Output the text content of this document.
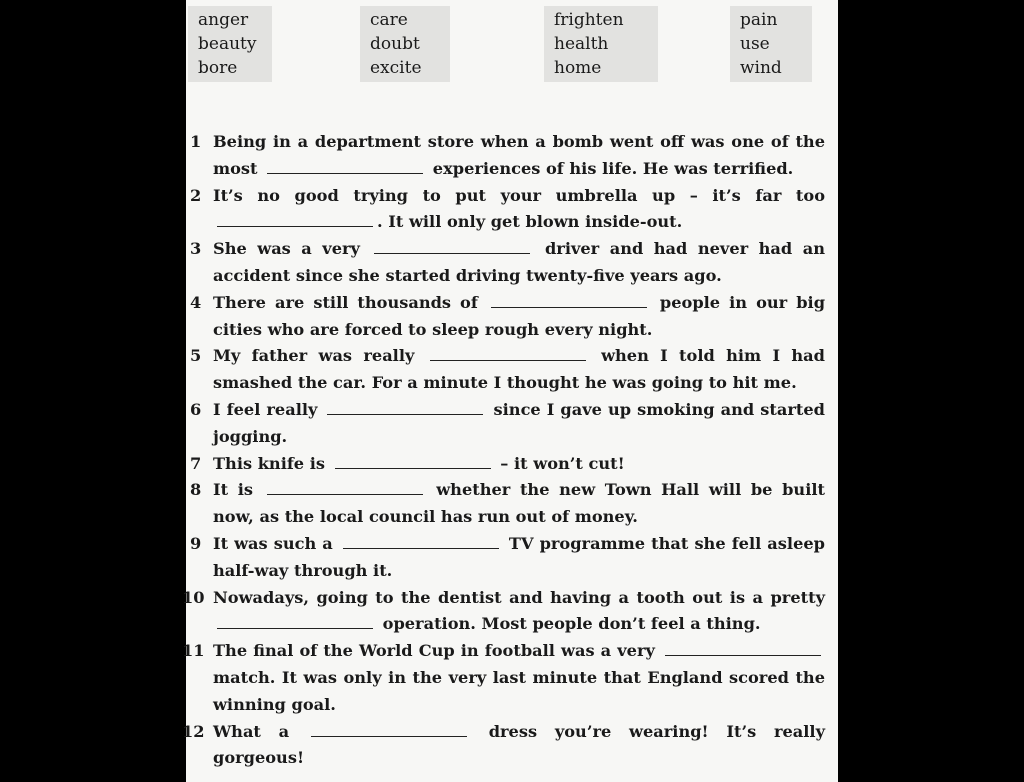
anger
beauty
bore
care
doubt
excite
frighten
health
home
pain
use
wind
1 Being in a department store when a bomb went off was one of the most	experiences of his life. He was terrified.
2 It’s no good trying to put your umbrella up – it’s far too . It will only get blown inside-out.
3 She was a very	driver and had never had an accident since she started driving twenty-five years ago.
4 There are still thousands of	people in our big cities who are forced to sleep rough every night.
5 My father was really	when I told him I had smashed the car. For a minute I thought he was going to hit me.
6 I feel really	since I gave up smoking and started jogging.
7 This knife is	– it won’t cut!
8 It is	whether the new Town Hall will be built now, as the local council has run out of money.
9 It was such a	TV programme that she fell asleep half-way through it.
10 Nowadays, going to the dentist and having a tooth out is a pretty  operation. Most people don’t feel a thing.
11 The final of the World Cup in football was a very  match. It was only in the very last minute that England scored the winning goal.
12 What a	dress you’re wearing! It’s really gorgeous!
